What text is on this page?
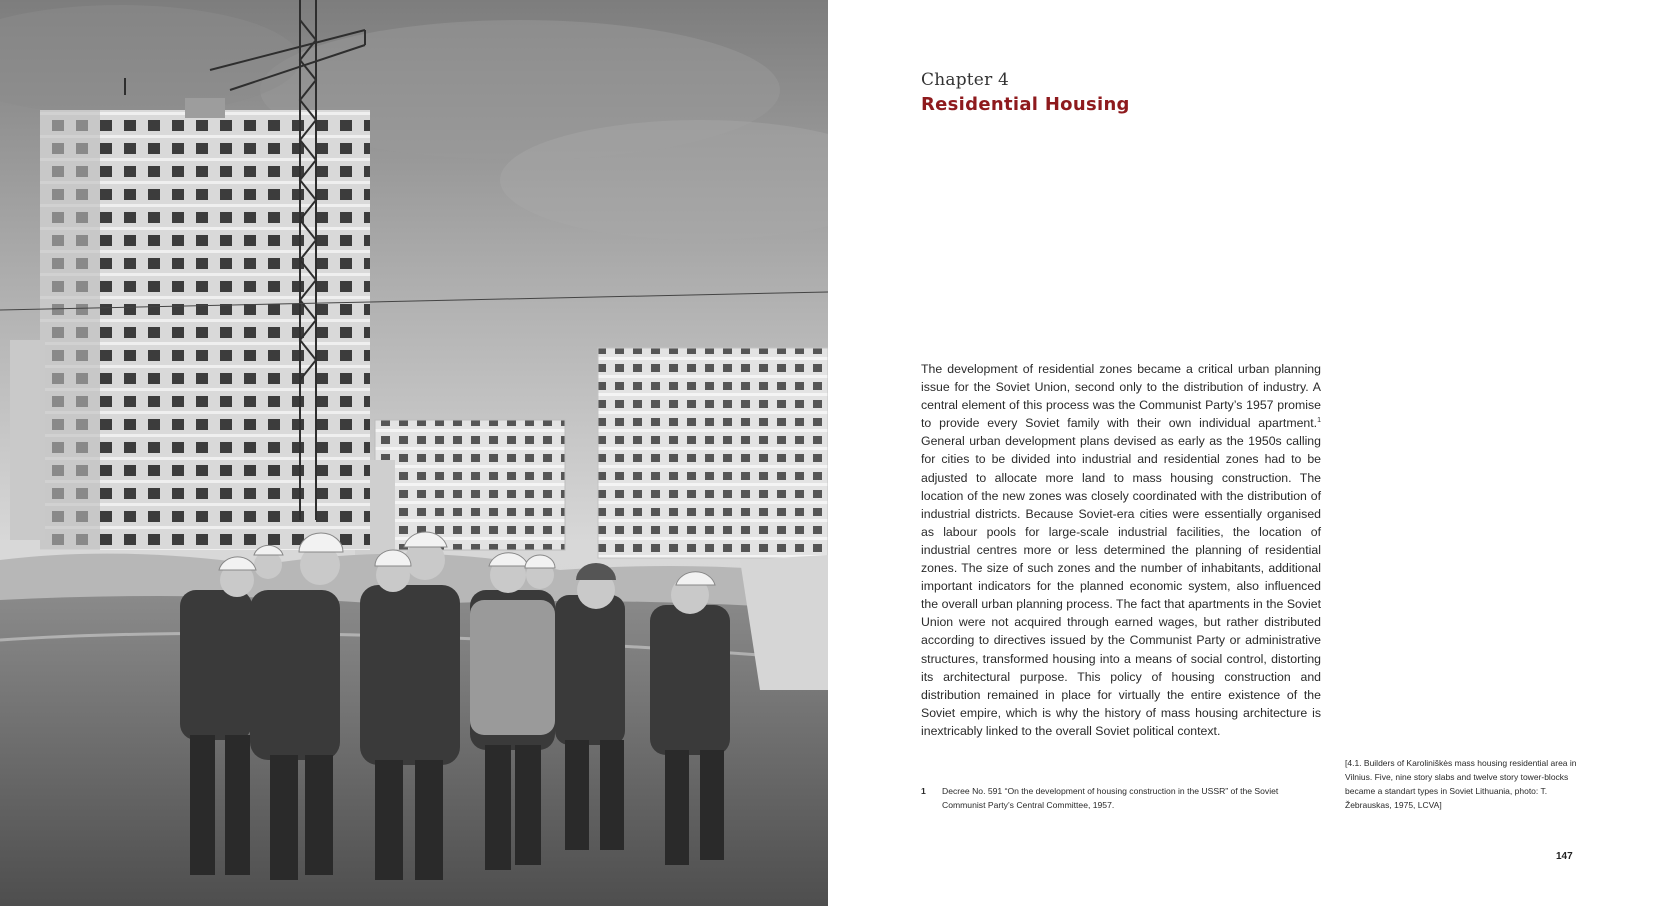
Chapter 4
Residential Housing

The development of residential zones became a critical urban planning issue for the Soviet Union, second only to the distribution of industry. A central element of this process was the Communist Party’s 1957 promise to provide every Soviet family with their own individual apartment.$^1$ General urban development plans devised as early as the 1950s calling for cities to be divided into industrial and residential zones had to be adjusted to allocate more land to mass housing construction. The location of the new zones was closely coordinated with the distribution of industrial districts. Because Soviet-era cities were essentially organised as labour pools for large-scale industrial facilities, the location of industrial centres more or less determined the planning of residential zones. The size of such zones and the number of inhabitants, additional important indicators for the planned economic system, also influenced the overall urban planning process. The fact that apartments in the Soviet Union were not acquired through earned wages, but rather distributed according to directives issued by the Communist Party or administrative structures, transformed housing into a means of social control, distorting its architectural purpose. This policy of housing construction and distribution remained in place for virtually the entire existence of the Soviet empire, which is why the history of mass housing architecture is inextricably linked to the overall Soviet political context.

1 Decree No. 591 “On the development of housing construction in the USSR” of the Soviet Communist Party’s Central Committee, 1957.
[4.1. Builders of Karoliniškės mass housing residential area in Vilnius. Five, nine story slabs and twelve story tower-blocks became a standart types in Soviet Lithuania, photo: T. Žebrauskas, 1975, LCVA]
147
